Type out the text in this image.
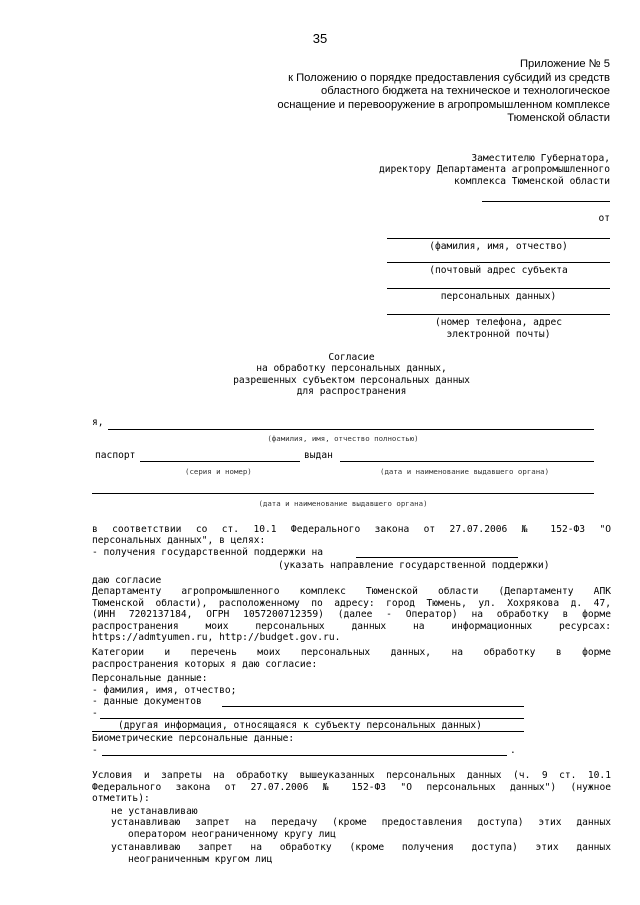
35
Приложение № 5
к Положению о порядке предоставления субсидий из средств
областного бюджета на техническое и технологическое
оснащение и перевооружение в агропромышленном комплексе
Тюменской области
Заместителю Губернатора,
директору Департамента агропромышленного
комплекса Тюменской области
от
(фамилия, имя, отчество)
(почтовый адрес субъекта
персональных данных)
(номер телефона, адрес
электронной почты)
Согласие
на обработку персональных данных,
разрешенных субъектом персональных данных
для распространения
я,
(фамилия, имя, отчество полностью)
паспорт	выдан
(серия и номер)	(дата и наименование выдавшего органа)
(дата и наименование выдавшего органа)
в соответствии со ст. 10.1 Федерального закона от 27.07.2006 № 152-ФЗ "О
персональных данных", в целях:
- получения государственной поддержки на
(указать направление государственной поддержки)
даю согласие
Департаменту агропромышленного комплекс Тюменской области (Департаменту АПК
Тюменской области), расположенному по адресу: город Тюмень, ул. Хохрякова д. 47,
(ИНН 7202137184, ОГРН 1057200712359) (далее - Оператор) на обработку в форме
распространения моих персональных данных на информационных ресурсах:
https://admtyumen.ru, http://budget.gov.ru.
Категории и перечень моих персональных данных, на обработку в форме
распространения которых я даю согласие:
Персональные данные:
- фамилия, имя, отчество;
- данные документов
-
(другая информация, относящаяся к субъекту персональных данных)
Биометрические персональные данные:
-	.
Условия и запреты на обработку вышеуказанных персональных данных (ч. 9 ст. 10.1
Федерального закона от 27.07.2006 № 152-ФЗ "О персональных данных") (нужное
отметить):
не устанавливаю
устанавливаю запрет на передачу (кроме предоставления доступа) этих данных
оператором неограниченному кругу лиц
устанавливаю запрет на обработку (кроме получения доступа) этих данных
неограниченным кругом лиц
